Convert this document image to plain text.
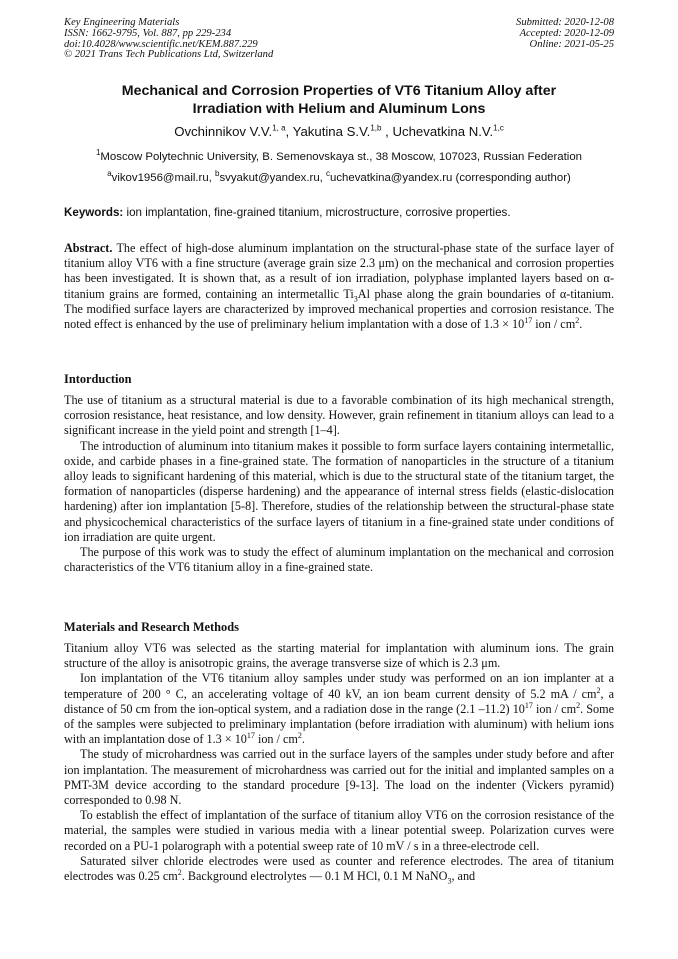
Key Engineering Materials
ISSN: 1662-9795, Vol. 887, pp 229-234
doi:10.4028/www.scientific.net/KEM.887.229
© 2021 Trans Tech Publications Ltd, Switzerland
Submitted: 2020-12-08
Accepted: 2020-12-09
Online: 2021-05-25
Mechanical and Corrosion Properties of VT6 Titanium Alloy after
Irradiation with Helium and Aluminum Lons
Ovchinnikov V.V.$^{1, a}$, Yakutina S.V.$^{1,b}$ , Uchevatkina N.V.$^{1,c}$
$^1$Moscow Polytechnic University, B. Semenovskaya st., 38 Moscow, 107023, Russian Federation
$^a$vikov1956@mail.ru, $^b$svyakut@yandex.ru, $^c$uchevatkina@yandex.ru (corresponding author)
Keywords: ion implantation, fine-grained titanium, microstructure, corrosive properties.

Abstract. The effect of high-dose aluminum implantation on the structural-phase state of the surface layer of titanium alloy VT6 with a fine structure (average grain size 2.3 μm) on the mechanical and corrosion properties has been investigated. It is shown that, as a result of ion irradiation, polyphase implanted layers based on α-titanium grains are formed, containing an intermetallic $Ti_3Al$ phase along the grain boundaries of α-titanium. The modified surface layers are characterized by improved mechanical properties and corrosion resistance. The noted effect is enhanced by the use of preliminary helium implantation with a dose of $1.3 \times 10^{17}$ ion / $cm^2$.

Intorduction

The use of titanium as a structural material is due to a favorable combination of its high mechanical strength, corrosion resistance, heat resistance, and low density. However, grain refinement in titanium alloys can lead to a significant increase in the yield point and strength [1–4].

The introduction of aluminum into titanium makes it possible to form surface layers containing intermetallic, oxide, and carbide phases in a fine-grained state. The formation of nanoparticles in the structure of a titanium alloy leads to significant hardening of this material, which is due to the structural state of the titanium target, the formation of nanoparticles (disperse hardening) and the appearance of internal stress fields (elastic-dislocation hardening) after ion implantation [5-8]. Therefore, studies of the relationship between the structural-phase state and physicochemical characteristics of the surface layers of titanium in a fine-grained state under conditions of ion irradiation are quite urgent.

The purpose of this work was to study the effect of aluminum implantation on the mechanical and corrosion characteristics of the VT6 titanium alloy in a fine-grained state.

Materials and Research Methods

Titanium alloy VT6 was selected as the starting material for implantation with aluminum ions. The grain structure of the alloy is anisotropic grains, the average transverse size of which is 2.3 μm.

Ion implantation of the VT6 titanium alloy samples under study was performed on an ion implanter at a temperature of 200 ° C, an accelerating voltage of 40 kV, an ion beam current density of 5.2 mA / $cm^2$, a distance of 50 cm from the ion-optical system, and a radiation dose in the range (2.1 –11.2) $10^{17}$ ion / $cm^2$. Some of the samples were subjected to preliminary implantation (before irradiation with aluminum) with helium ions with an implantation dose of $1.3 \times 10^{17}$ ion / $cm^2$.

The study of microhardness was carried out in the surface layers of the samples under study before and after ion implantation. The measurement of microhardness was carried out for the initial and implanted samples on a PMT-3M device according to the standard procedure [9-13]. The load on the indenter (Vickers pyramid) corresponded to 0.98 N.

To establish the effect of implantation of the surface of titanium alloy VT6 on the corrosion resistance of the material, the samples were studied in various media with a linear potential sweep. Polarization curves were recorded on a PU-1 polarograph with a potential sweep rate of 10 mV / s in a three-electrode cell.

Saturated silver chloride electrodes were used as counter and reference electrodes. The area of titanium electrodes was 0.25 $cm^2$. Background electrolytes — 0.1 M HCl, 0.1 M NaNO$_3$, and
